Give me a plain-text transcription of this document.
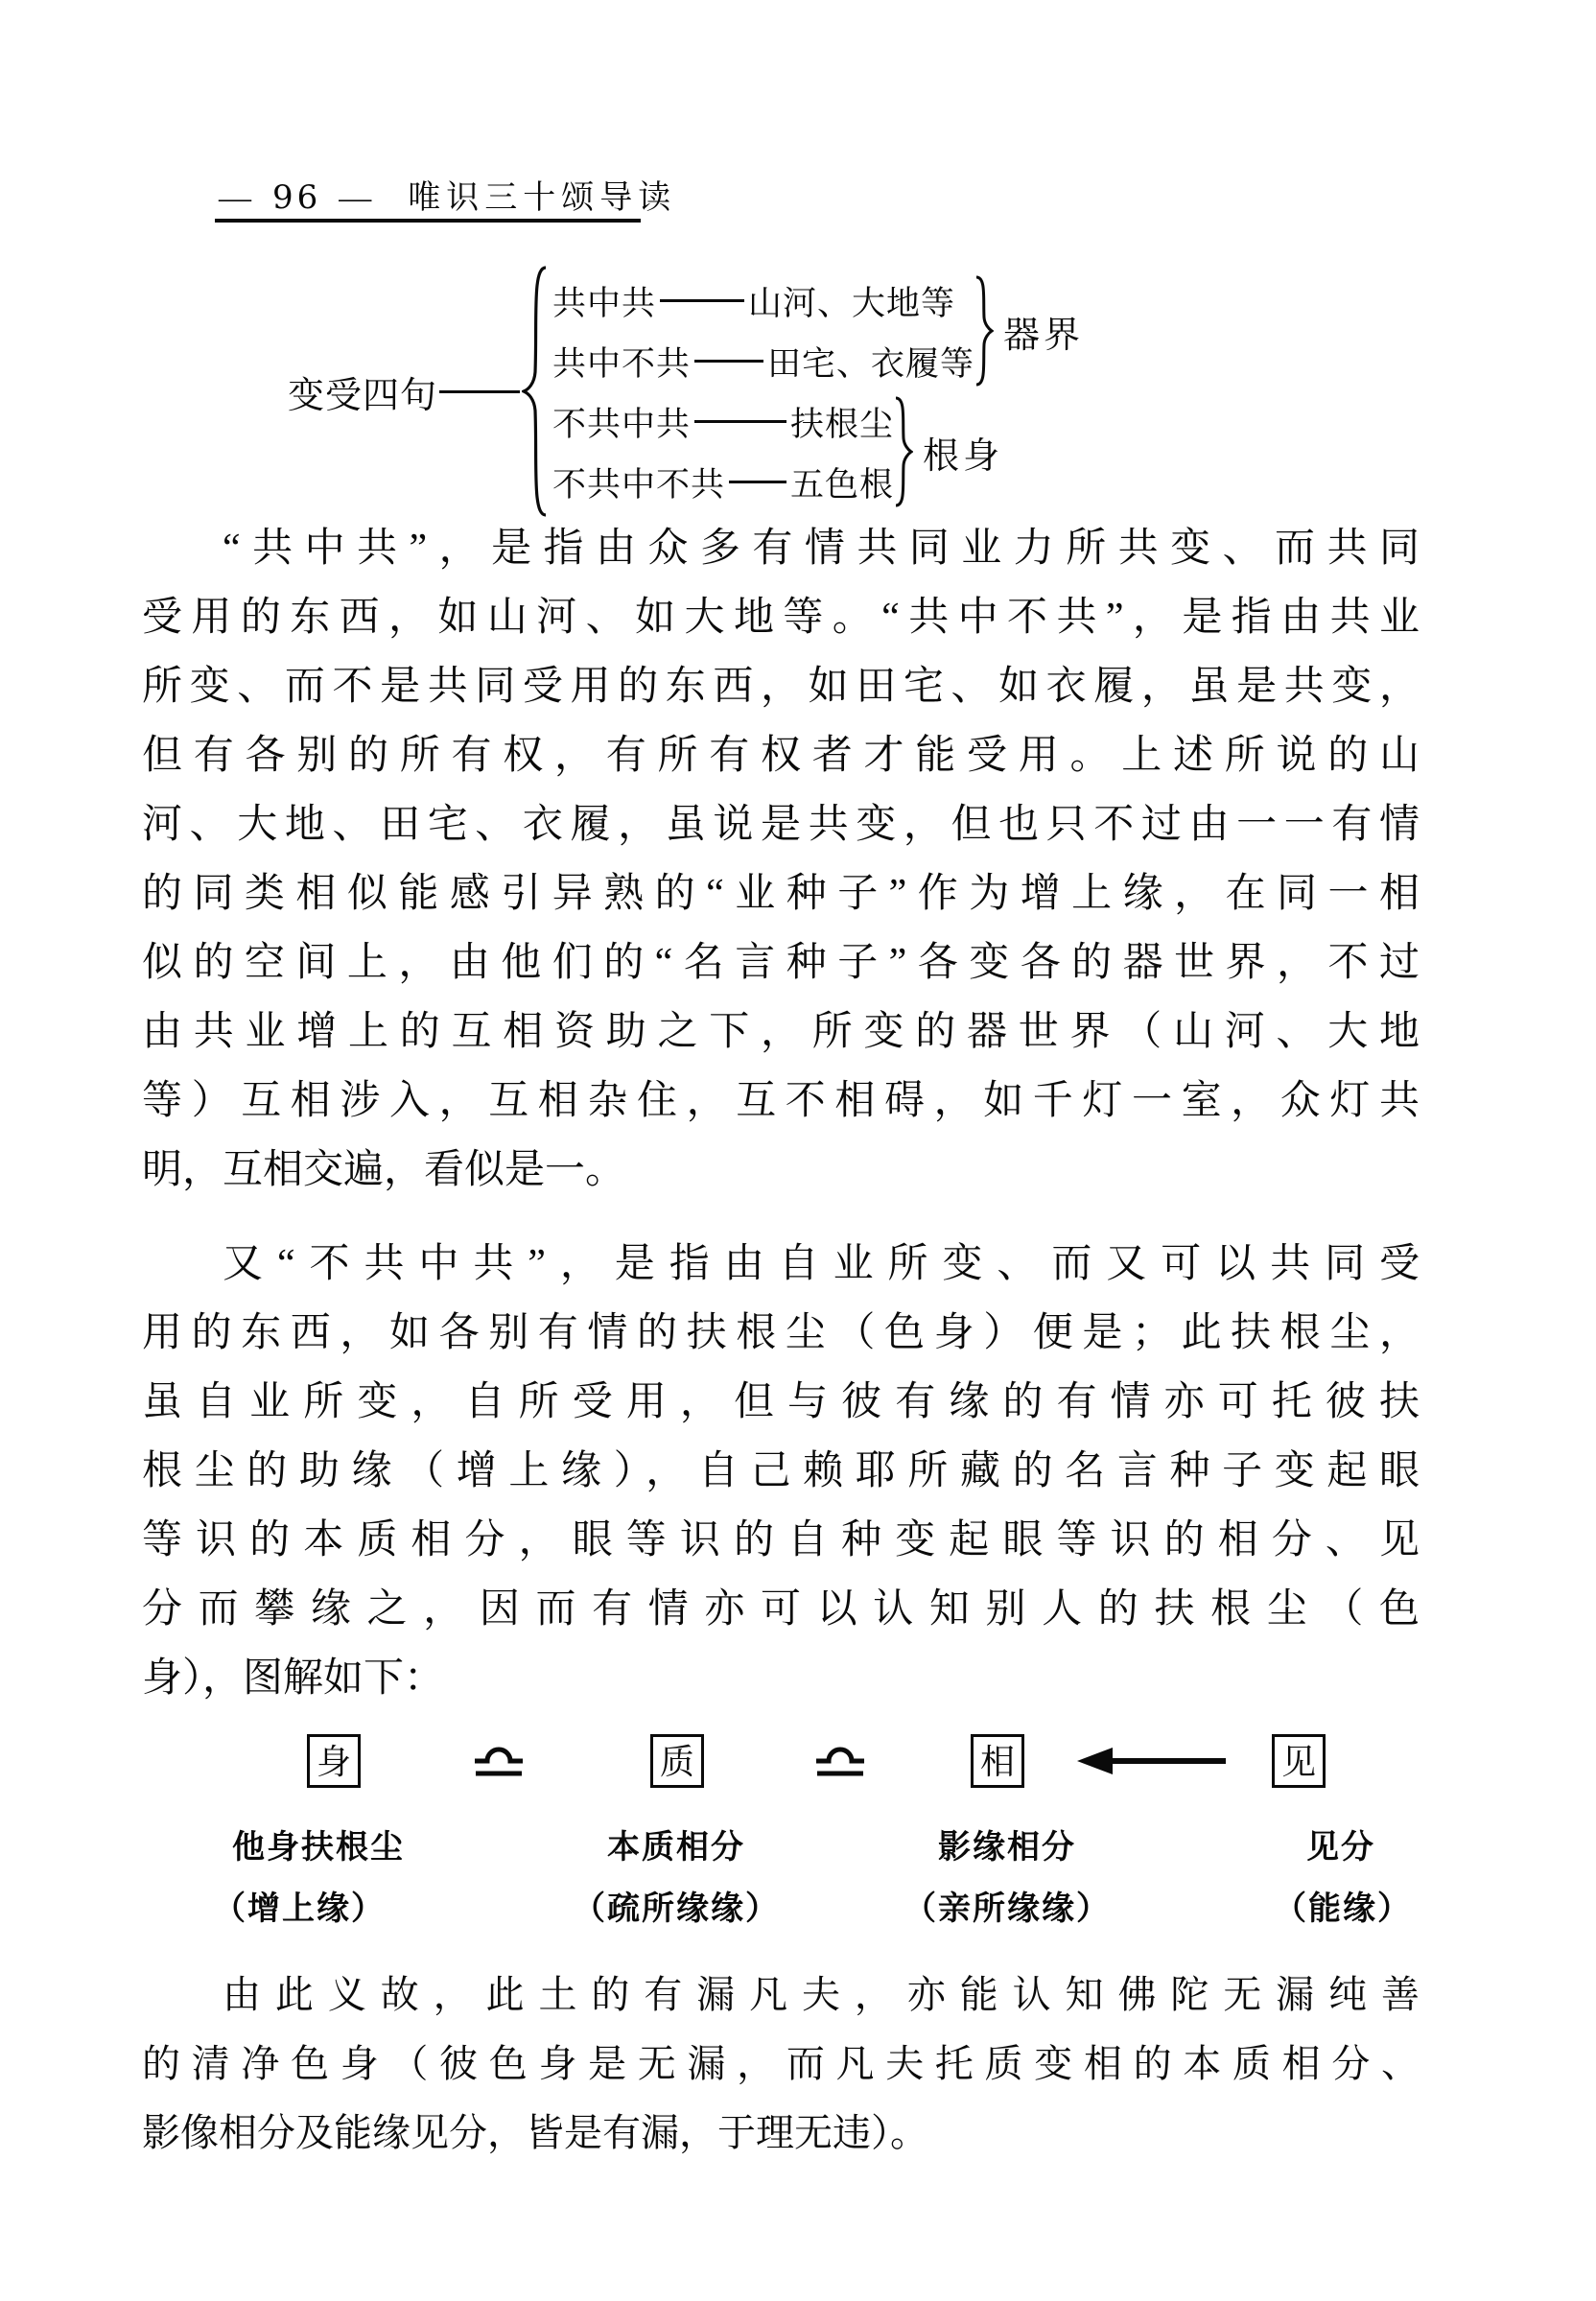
— 96 — 唯识三十颂导读
变受四句
共中共	山河、大地等
共中不共 田宅、衣履等
器界
不共中共	扶根尘
不共中不共 五色根
根身
“共中共”，是指由众多有情共同业力所共变、而共同
受用的东西，如山河、如大地等。“共中不共”，是指由共业
所变、而不是共同受用的东西，如田宅、如衣履，虽是共变，
但有各别的所有权，有所有权者才能受用。上述所说的山
河、大地、田宅、衣履，虽说是共变，但也只不过由一一有情
的同类相似能感引异熟的“业种子”作为增上缘，在同一相
似的空间上，由他们的“名言种子”各变各的器世界，不过
由共业增上的互相资助之下，所变的器世界（山河、大地
等）互相涉入，互相杂住，互不相碍，如千灯一室，众灯共
明，互相交遍，看似是一。
又“不共中共”，是指由自业所变、而又可以共同受
用的东西，如各别有情的扶根尘（色身）便是；此扶根尘，
虽自业所变，自所受用，但与彼有缘的有情亦可托彼扶
根尘的助缘（增上缘），自己赖耶所藏的名言种子变起眼
等识的本质相分，眼等识的自种变起眼等识的相分、见
分而攀缘之，因而有情亦可以认知别人的扶根尘（色
身），图解如下：
身	质	相	见
他身扶根尘	本质相分	影缘相分	见分
（增上缘）	（疏所缘缘）	（亲所缘缘）	（能缘）
由此义故，此土的有漏凡夫，亦能认知佛陀无漏纯善
的清净色身（彼色身是无漏，而凡夫托质变相的本质相分、
影像相分及能缘见分，皆是有漏，于理无违）。
